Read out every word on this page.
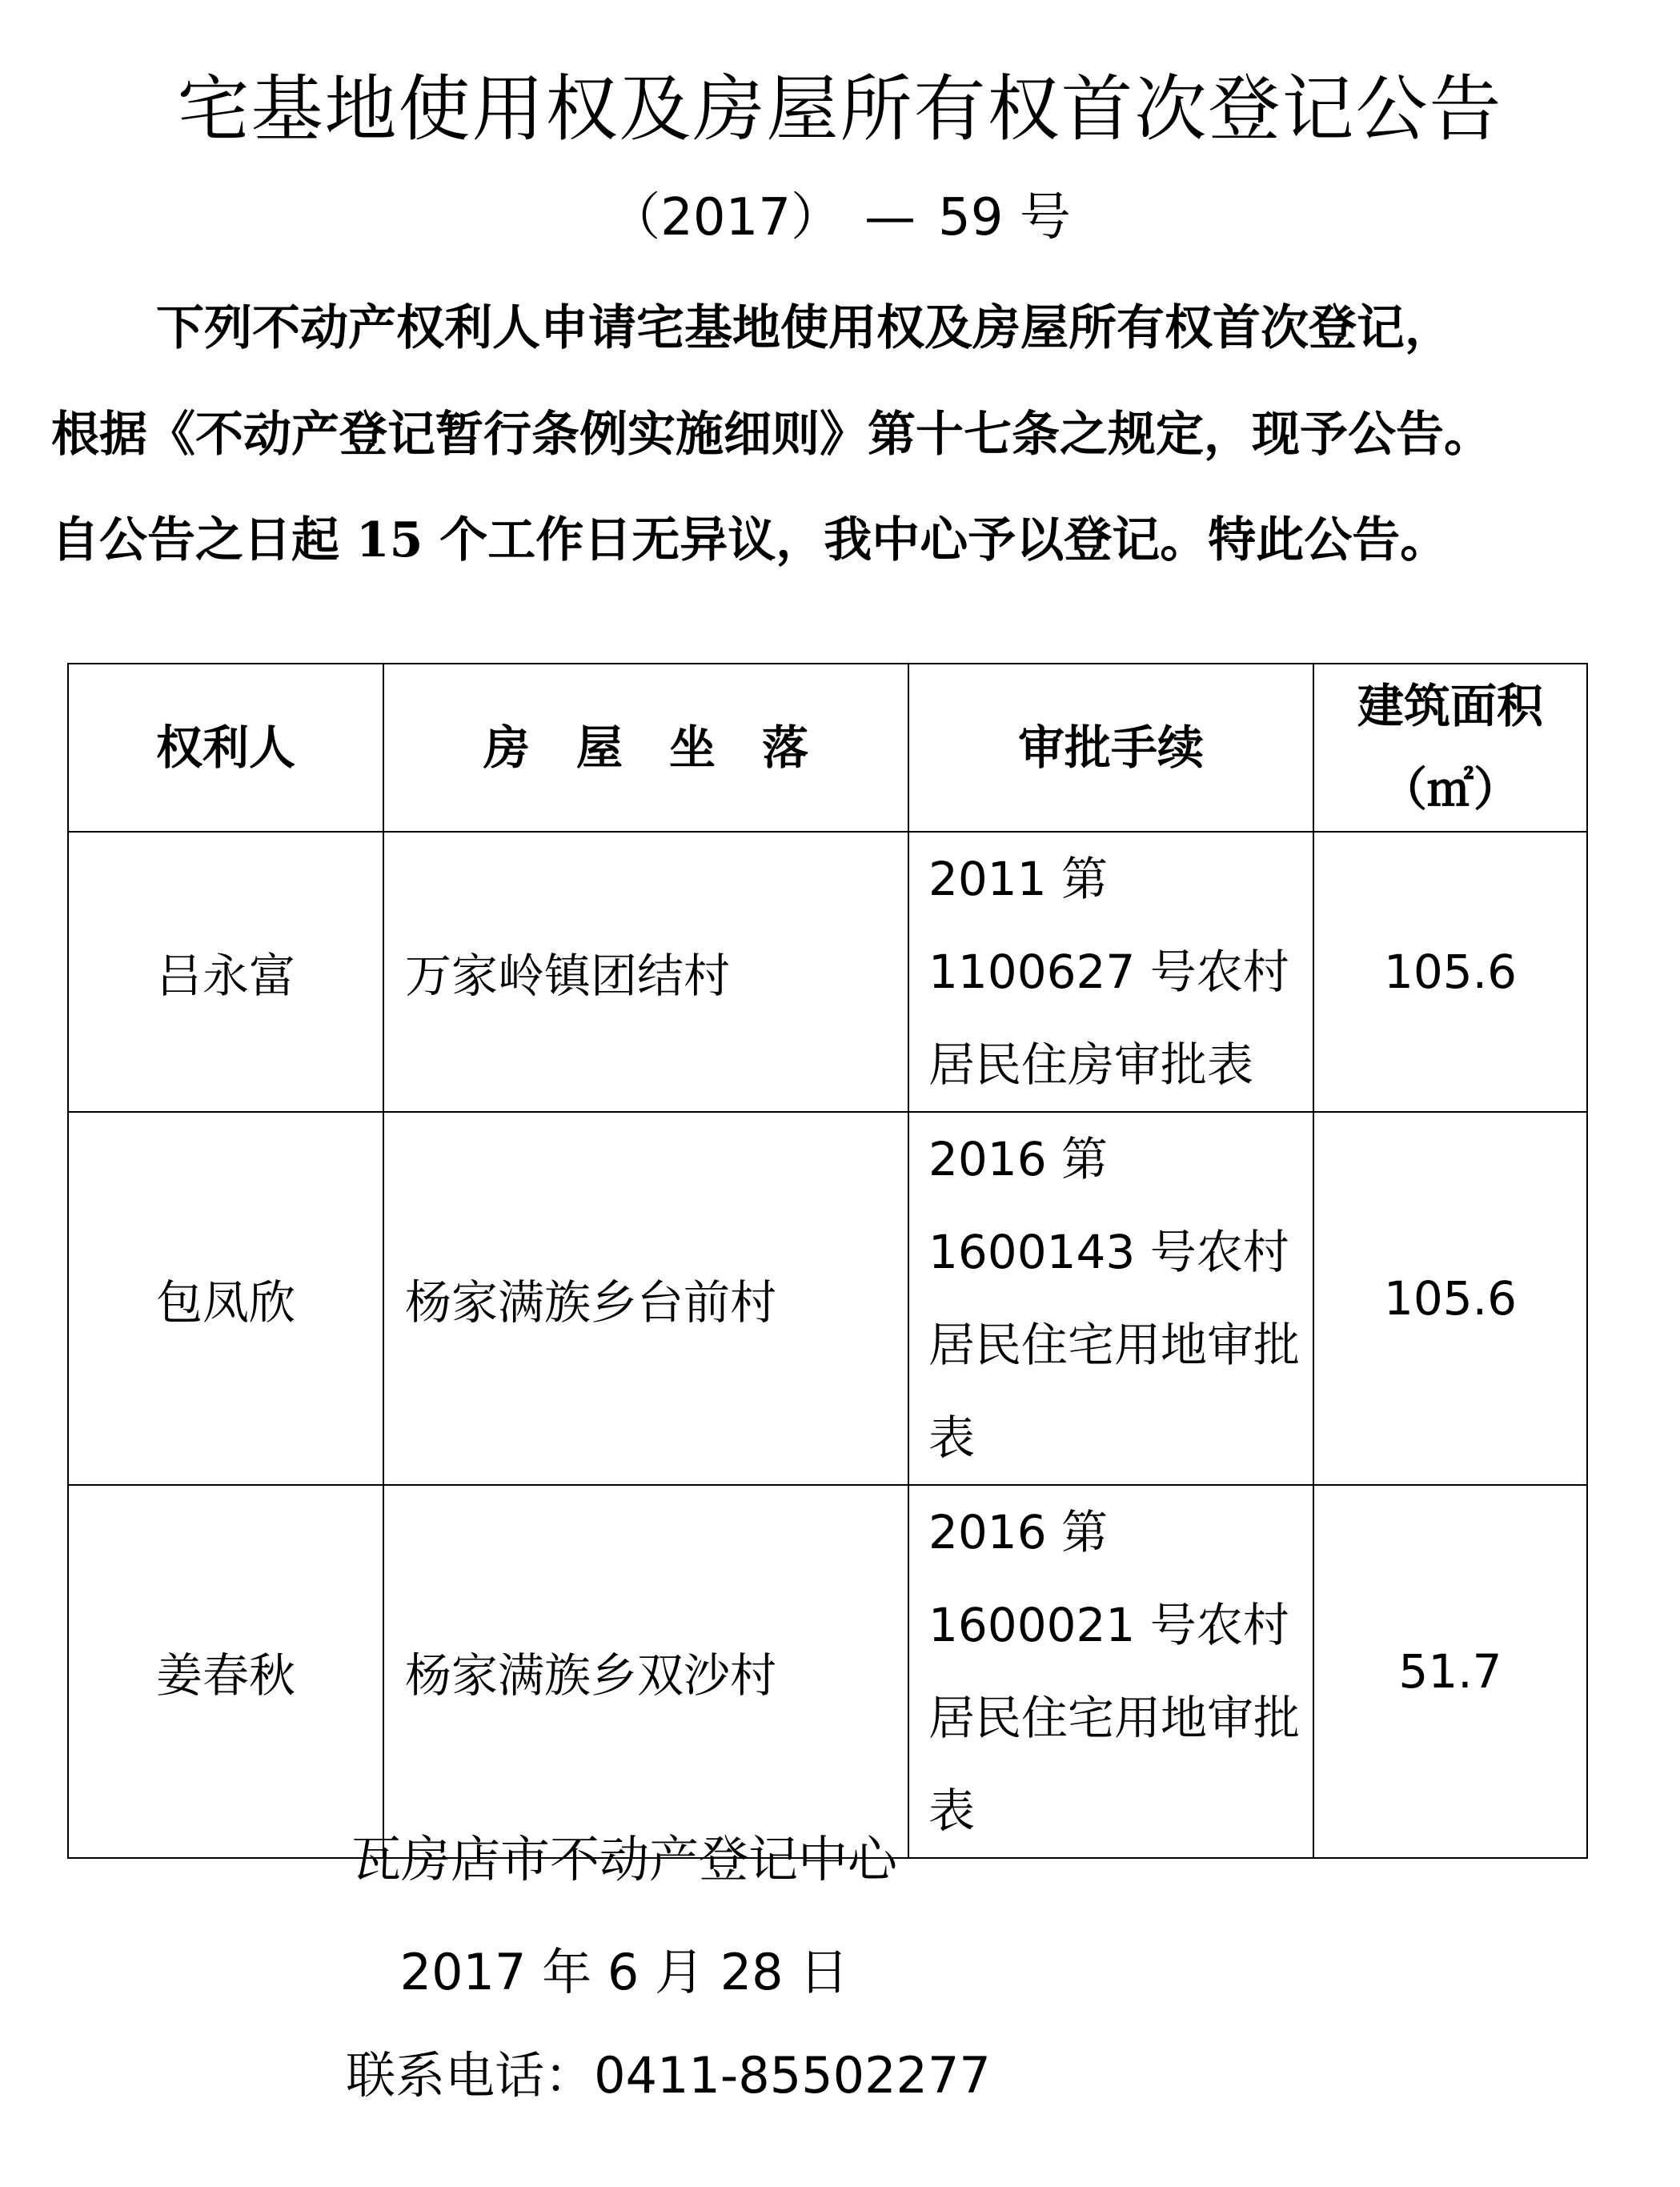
宅基地使用权及房屋所有权首次登记公告
（2017） — 59 号
下列不动产权利人申请宅基地使用权及房屋所有权首次登记，
根据《不动产登记暂行条例实施细则》第十七条之规定，现予公告。
自公告之日起 15 个工作日无异议，我中心予以登记。特此公告。
权利人	房屋坐落	审批手续	建筑面积
（㎡）

吕永富	万家岭镇团结村	2011 第 1100627 号农村居民住房审批表	105.6
包凤欣	杨家满族乡台前村	2016 第 1600143 号农村居民住宅用地审批表	105.6
姜春秋	杨家满族乡双沙村	2016 第 1600021 号农村居民住宅用地审批表	51.7
瓦房店市不动产登记中心
2017 年 6 月 28 日
联系电话：0411-85502277
